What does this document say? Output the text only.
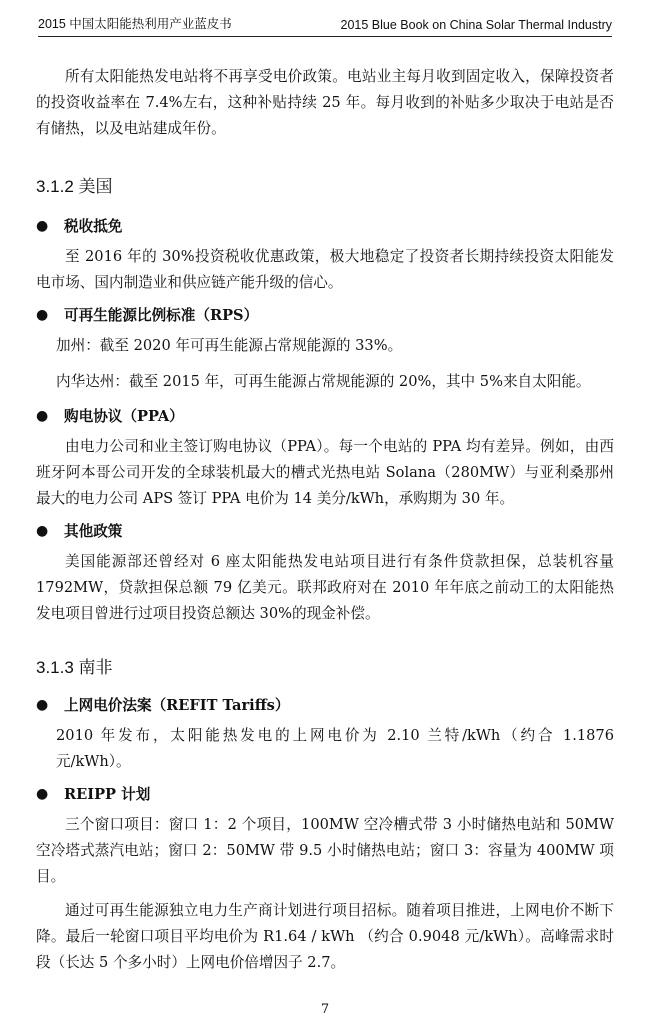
2015 中国太阳能热利用产业蓝皮书	2015 Blue Book on China Solar Thermal Industry

所有太阳能热发电站将不再享受电价政策。电站业主每月收到固定收入，保障投资者的投资收益率在 7.4%左右，这种补贴持续 25 年。每月收到的补贴多少取决于电站是否有储热，以及电站建成年份。

3.1.2 美国
●	税收抵免

至 2016 年的 30%投资税收优惠政策，极大地稳定了投资者长期持续投资太阳能发电市场、国内制造业和供应链产能升级的信心。

●	可再生能源比例标准（RPS）

加州：截至 2020 年可再生能源占常规能源的 33%。

内华达州：截至 2015 年，可再生能源占常规能源的 20%，其中 5%来自太阳能。

●	购电协议（PPA）

由电力公司和业主签订购电协议（PPA）。每一个电站的 PPA 均有差异。例如，由西班牙阿本哥公司开发的全球装机最大的槽式光热电站 Solana（280MW）与亚利桑那州最大的电力公司 APS 签订 PPA 电价为 14 美分/kWh，承购期为 30 年。

●	其他政策

美国能源部还曾经对 6 座太阳能热发电站项目进行有条件贷款担保，总装机容量 1792MW，贷款担保总额 79 亿美元。联邦政府对在 2010 年年底之前动工的太阳能热发电项目曾进行过项目投资总额达 30%的现金补偿。

3.1.3 南非
●	上网电价法案（REFIT Tariffs）

2010 年发布，太阳能热发电的上网电价为 2.10 兰特/kWh（约合 1.1876 元/kWh）。

●	REIPP 计划

三个窗口项目：窗口 1：2 个项目，100MW 空冷槽式带 3 小时储热电站和 50MW 空冷塔式蒸汽电站；窗口 2：50MW 带 9.5 小时储热电站；窗口 3：容量为 400MW 项目。

通过可再生能源独立电力生产商计划进行项目招标。随着项目推进，上网电价不断下降。最后一轮窗口项目平均电价为 R1.64 / kWh （约合 0.9048 元/kWh）。高峰需求时段（长达 5 个多小时）上网电价倍增因子 2.7。

7
